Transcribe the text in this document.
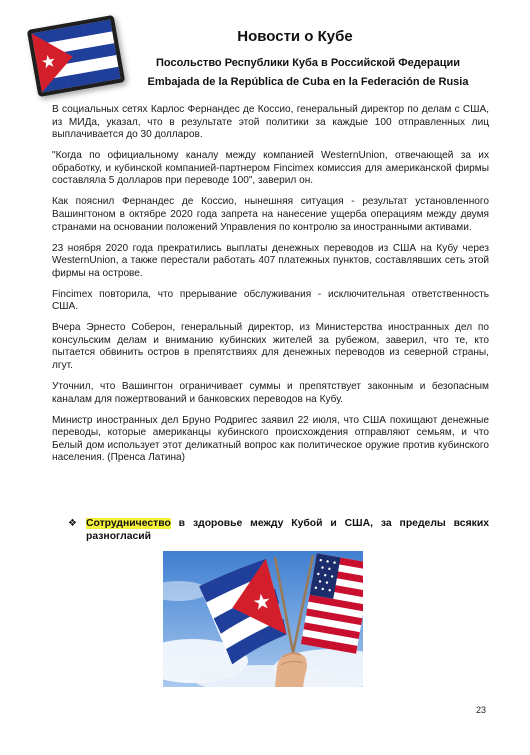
Новости о Кубе
Посольство Республики Куба в Российской Федерации
Embajada de la República de Cuba en la Federación de Rusia

В социальных сетях Карлос Фернандес де Коссио, генеральный директор по делам с США, из МИДа, указал, что в результате этой политики за каждые 100 отправленных лиц выплачивается до 30 долларов.

"Когда по официальному каналу между компанией WesternUnion, отвечающей за их обработку, и кубинской компанией-партнером Fincimex комиссия для американской фирмы составляла 5 долларов при переводе 100", заверил он.

Как пояснил Фернандес де Коссио, нынешняя ситуация - результат установленного Вашингтоном в октябре 2020 года запрета на нанесение ущерба операциям между двумя странами на основании положений Управления по контролю за иностранными активами.

23 ноября 2020 года прекратились выплаты денежных переводов из США на Кубу через WesternUnion, а также перестали работать 407 платежных пунктов, составлявших сеть этой фирмы на острове.

Fincimex повторила, что прерывание обслуживания - исключительная ответственность США.

Вчера Эрнесто Соберон, генеральный директор, из Министерства иностранных дел по консульским делам и вниманию кубинских жителей за рубежом, заверил, что те, кто пытается обвинить остров в препятствиях для денежных переводов из северной страны, лгут.

Уточнил, что Вашингтон ограничивает суммы и препятствует законным и безопасным каналам для пожертвований и банковских переводов на Кубу.

Министр иностранных дел Бруно Родригес заявил 22 июля, что США похищают денежные переводы, которые американцы кубинского происхождения отправляют семьям, и что Белый дом использует этот деликатный вопрос как политическое оружие против кубинского населения. (Пренса Латина)

❖ Сотрудничество в здоровье между Кубой и США, за пределы всяких разногласий
23
